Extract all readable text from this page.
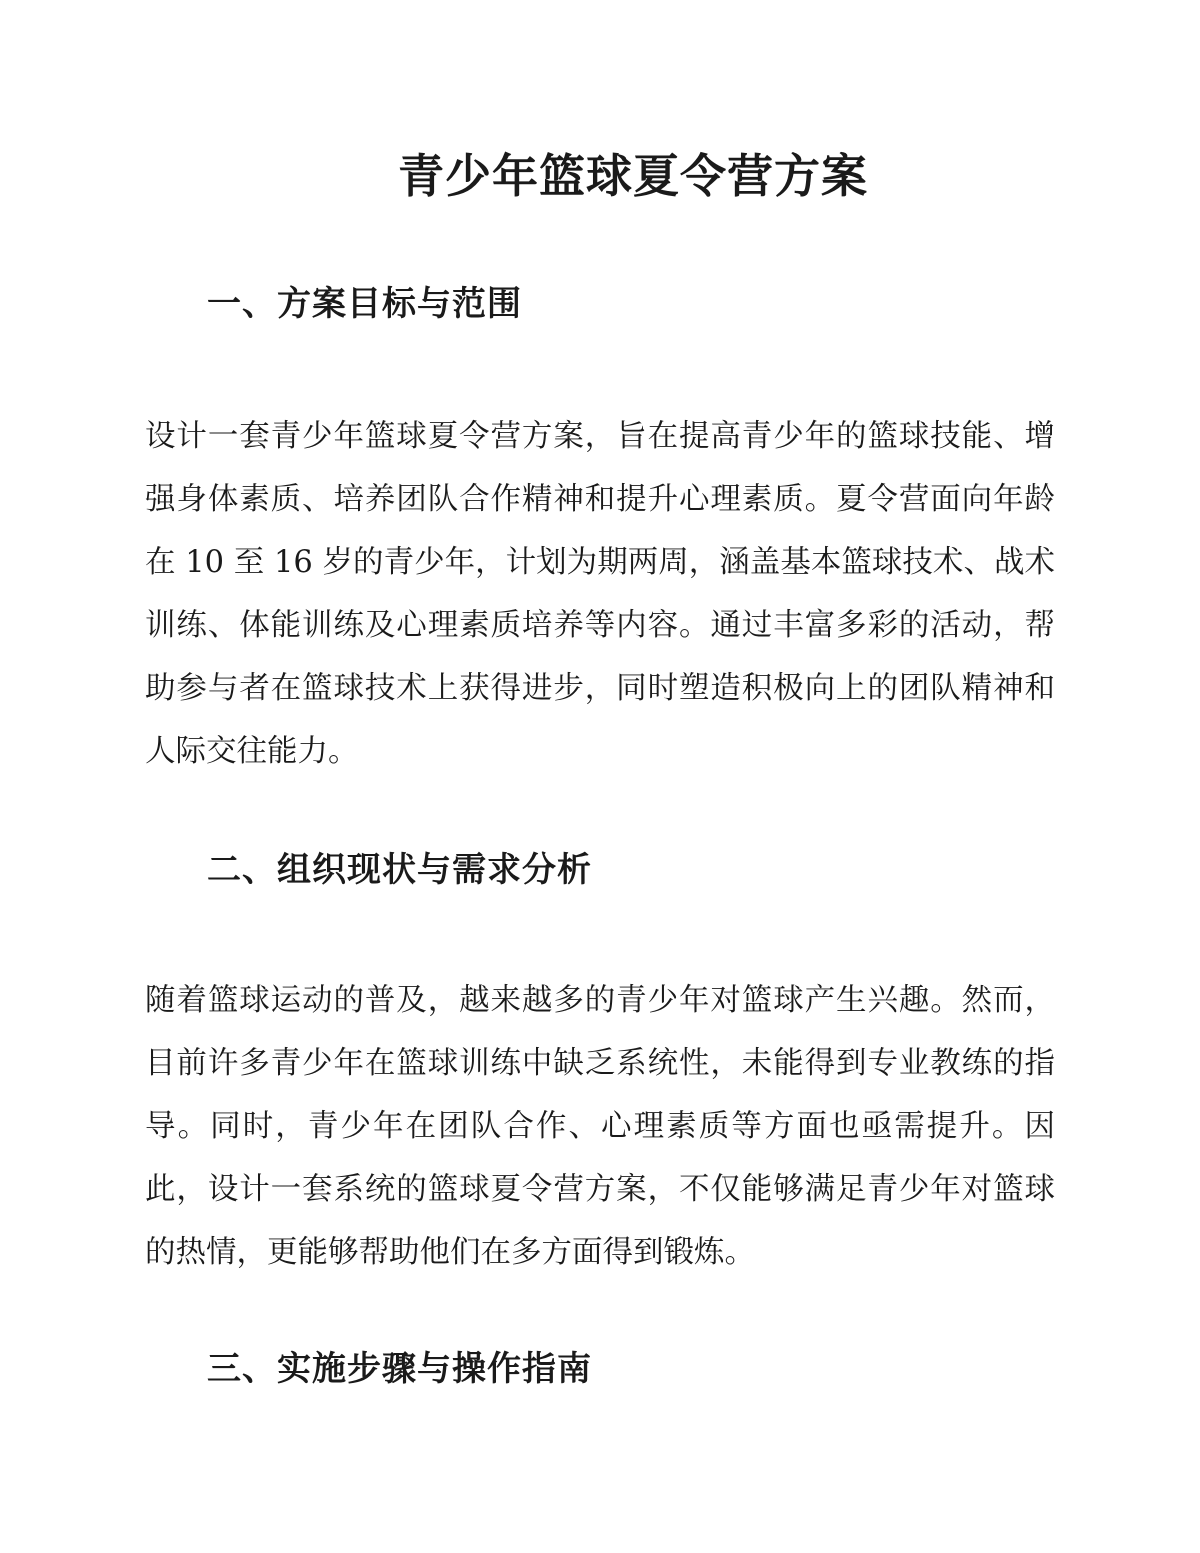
青少年篮球夏令营方案
一、方案目标与范围

设计一套青少年篮球夏令营方案，旨在提高青少年的篮球技能、增强身体素质、培养团队合作精神和提升心理素质。夏令营面向年龄在 10 至 16 岁的青少年，计划为期两周，涵盖基本篮球技术、战术训练、体能训练及心理素质培养等内容。通过丰富多彩的活动，帮助参与者在篮球技术上获得进步，同时塑造积极向上的团队精神和人际交往能力。

二、组织现状与需求分析

随着篮球运动的普及，越来越多的青少年对篮球产生兴趣。然而，目前许多青少年在篮球训练中缺乏系统性，未能得到专业教练的指导。同时，青少年在团队合作、心理素质等方面也亟需提升。因此，设计一套系统的篮球夏令营方案，不仅能够满足青少年对篮球的热情，更能够帮助他们在多方面得到锻炼。

三、实施步骤与操作指南
